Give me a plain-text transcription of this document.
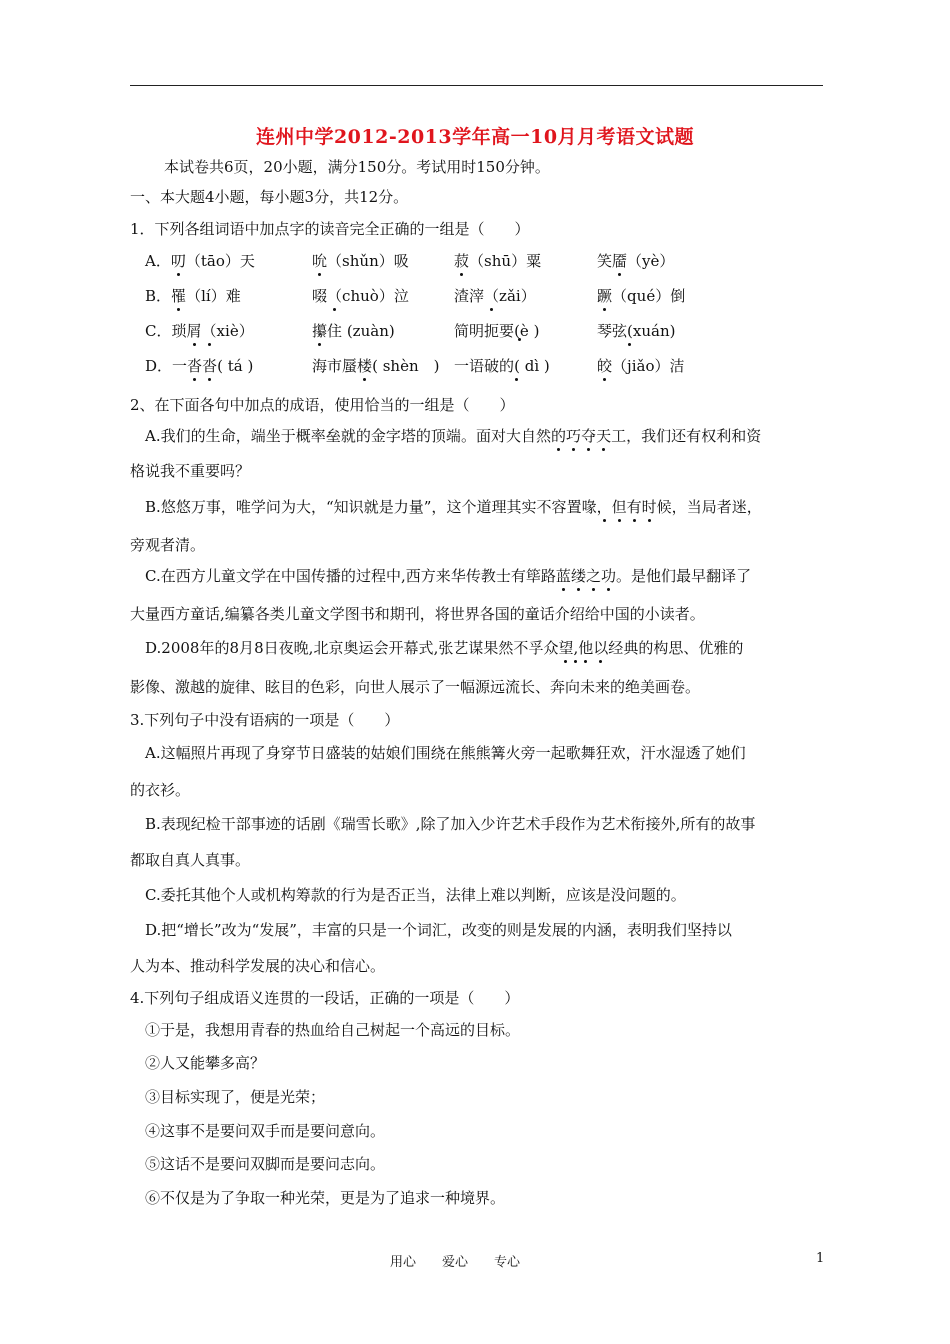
连州中学2012-2013学年高一10月月考语文试题
本试卷共6页，20小题，满分150分。考试用时150分钟。
一、本大题4小题，每小题3分，共12分。
1．下列各组词语中加点字的读音完全正确的一组是（　　）
A．叨（tāo）天	吮（shǔn）吸	菽（shū）粟	笑靥（yè）
B．罹（lí）难	啜（chuò）泣	渣滓（zǎi）	蹶（qué）倒
C．琐屑（xiè）	攥住 (zuàn)	简明扼要(è )	琴弦(xuán)
D．一沓沓( tá )	海市蜃楼( shèn　 ) 一语破的( dì )	皎（jiǎo）洁
2、在下面各句中加点的成语，使用恰当的一组是（　　）
A.我们的生命，端坐于概率垒就的金字塔的顶端。面对大自然的巧夺天工，我们还有权利和资
格说我不重要吗？
B.悠悠万事，唯学问为大，“知识就是力量”，这个道理其实不容置喙，但有时候，当局者迷，
旁观者清。
C.在西方儿童文学在中国传播的过程中,西方来华传教士有筚路蓝缕之功。是他们最早翻译了
大量西方童话,编纂各类儿童文学图书和期刊，将世界各国的童话介绍给中国的小读者。
D.2008年的8月8日夜晚,北京奥运会开幕式,张艺谋果然不孚众望,他以经典的构思、优雅的
影像、激越的旋律、眩目的色彩，向世人展示了一幅源远流长、奔向未来的绝美画卷。
3.下列句子中没有语病的一项是（　　）
A.这幅照片再现了身穿节日盛装的姑娘们围绕在熊熊篝火旁一起歌舞狂欢，汗水湿透了她们
的衣衫。
B.表现纪检干部事迹的话剧《瑞雪长歌》,除了加入少许艺术手段作为艺术衔接外,所有的故事
都取自真人真事。
C.委托其他个人或机构筹款的行为是否正当，法律上难以判断，应该是没问题的。
D.把“增长”改为“发展”，丰富的只是一个词汇，改变的则是发展的内涵，表明我们坚持以
人为本、推动科学发展的决心和信心。
4.下列句子组成语义连贯的一段话，正确的一项是（　　）
①于是，我想用青春的热血给自己树起一个高远的目标。
②人又能攀多高？
③目标实现了，便是光荣；
④这事不是要问双手而是要问意向。
⑤这话不是要问双脚而是要问志向。
⑥不仅是为了争取一种光荣，更是为了追求一种境界。
用心　　爱心　　专心	1
